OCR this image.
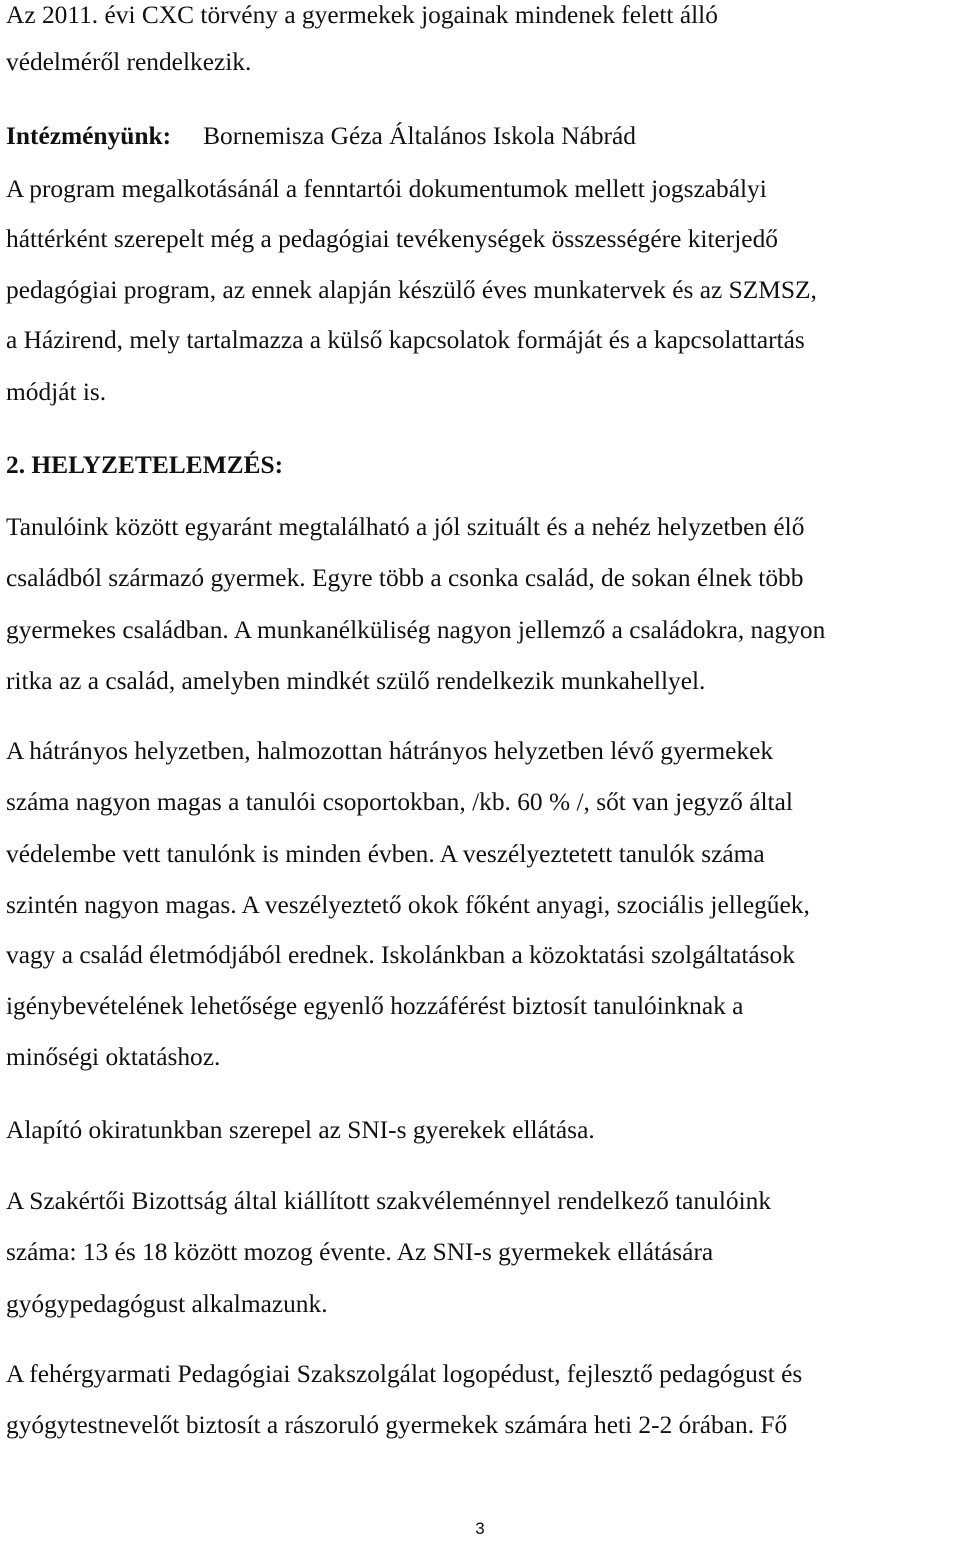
Az 2011. évi CXC törvény a gyermekek jogainak mindenek felett álló
védelméről rendelkezik.
Intézményünk: Bornemisza Géza Általános Iskola Nábrád
A program megalkotásánál a fenntartói dokumentumok mellett jogszabályi
háttérként szerepelt még a pedagógiai tevékenységek összességére kiterjedő
pedagógiai program, az ennek alapján készülő éves munkatervek és az SZMSZ,
a Házirend, mely tartalmazza a külső kapcsolatok formáját és a kapcsolattartás
módját is.
2. HELYZETELEMZÉS:
Tanulóink között egyaránt megtalálható a jól szituált és a nehéz helyzetben élő
családból származó gyermek. Egyre több a csonka család, de sokan élnek több
gyermekes családban. A munkanélküliség nagyon jellemző a családokra, nagyon
ritka az a család, amelyben mindkét szülő rendelkezik munkahellyel.
A hátrányos helyzetben, halmozottan hátrányos helyzetben lévő gyermekek
száma nagyon magas a tanulói csoportokban, /kb. 60 % /, sőt van jegyző által
védelembe vett tanulónk is minden évben. A veszélyeztetett tanulók száma
szintén nagyon magas. A veszélyeztető okok főként anyagi, szociális jellegűek,
vagy a család életmódjából erednek. Iskolánkban a közoktatási szolgáltatások
igénybevételének lehetősége egyenlő hozzáférést biztosít tanulóinknak a
minőségi oktatáshoz.
Alapító okiratunkban szerepel az SNI-s gyerekek ellátása.
A Szakértői Bizottság által kiállított szakvéleménnyel rendelkező tanulóink
száma: 13 és 18 között mozog évente. Az SNI-s gyermekek ellátására
gyógypedagógust alkalmazunk.
A fehérgyarmati Pedagógiai Szakszolgálat logopédust, fejlesztő pedagógust és
gyógytestnevelőt biztosít a rászoruló gyermekek számára heti 2-2 órában. Fő
3
